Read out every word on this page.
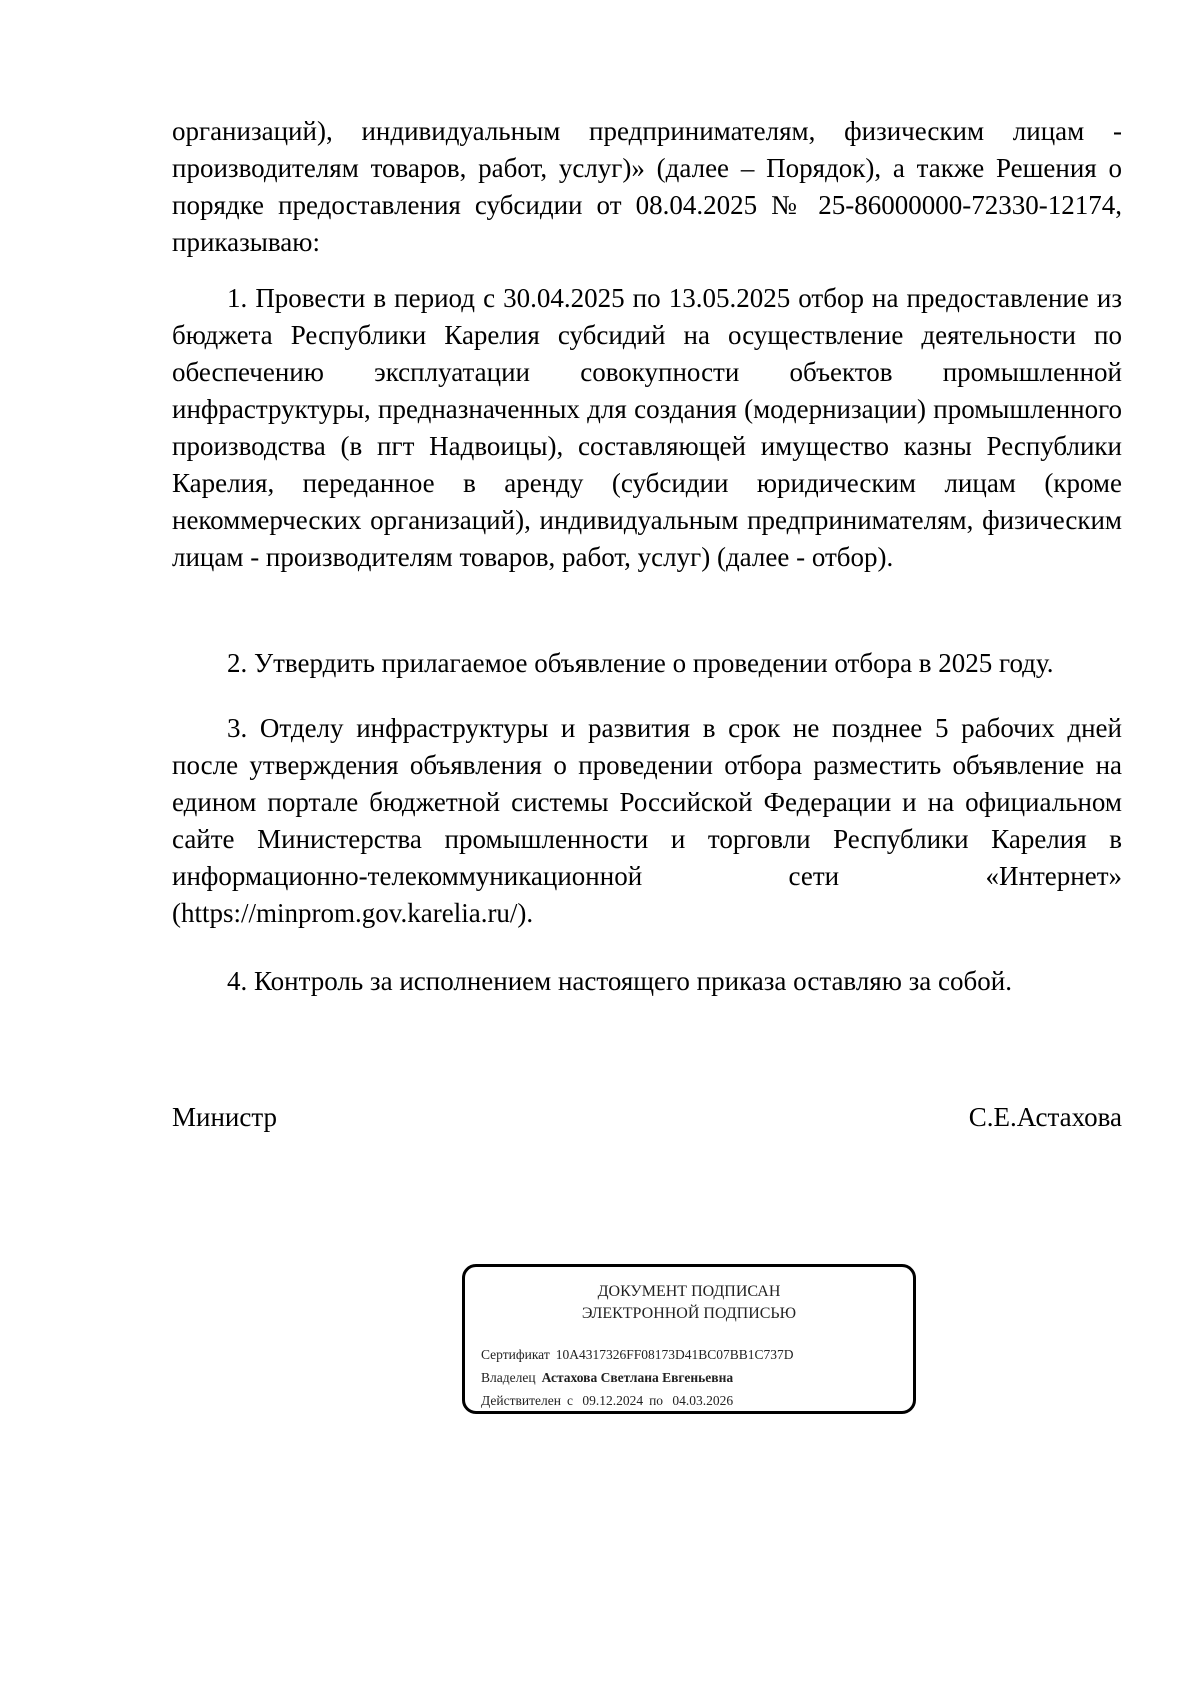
организаций), индивидуальным предпринимателям, физическим лицам - производителям товаров, работ, услуг)» (далее – Порядок), а также Решения о порядке предоставления субсидии от 08.04.2025 № 25-86000000-72330-12174, приказываю:

1. Провести в период с 30.04.2025 по 13.05.2025 отбор на предоставление из бюджета Республики Карелия субсидий на осуществление деятельности по обеспечению эксплуатации совокупности объектов промышленной инфраструктуры, предназначенных для создания (модернизации) промышленного производства (в пгт Надвоицы), составляющей имущество казны Республики Карелия, переданное в аренду (субсидии юридическим лицам (кроме некоммерческих организаций), индивидуальным предпринимателям, физическим лицам - производителям товаров, работ, услуг) (далее - отбор).

2. Утвердить прилагаемое объявление о проведении отбора в 2025 году.

3. Отделу инфраструктуры и развития в срок не позднее 5 рабочих дней после утверждения объявления о проведении отбора разместить объявление на едином портале бюджетной системы Российской Федерации и на официальном сайте Министерства промышленности и торговли Республики Карелия в информационно-телекоммуникационной сети «Интернет» (https://minprom.gov.karelia.ru/).

4. Контроль за исполнением настоящего приказа оставляю за собой.

Министр	С.Е.Астахова
ДОКУМЕНТ ПОДПИСАН
ЭЛЕКТРОННОЙ ПОДПИСЬЮ
Сертификат 10A4317326FF08173D41BC07BB1C737D
Владелец Астахова Светлана Евгеньевна
Действителен с 09.12.2024 по 04.03.2026
